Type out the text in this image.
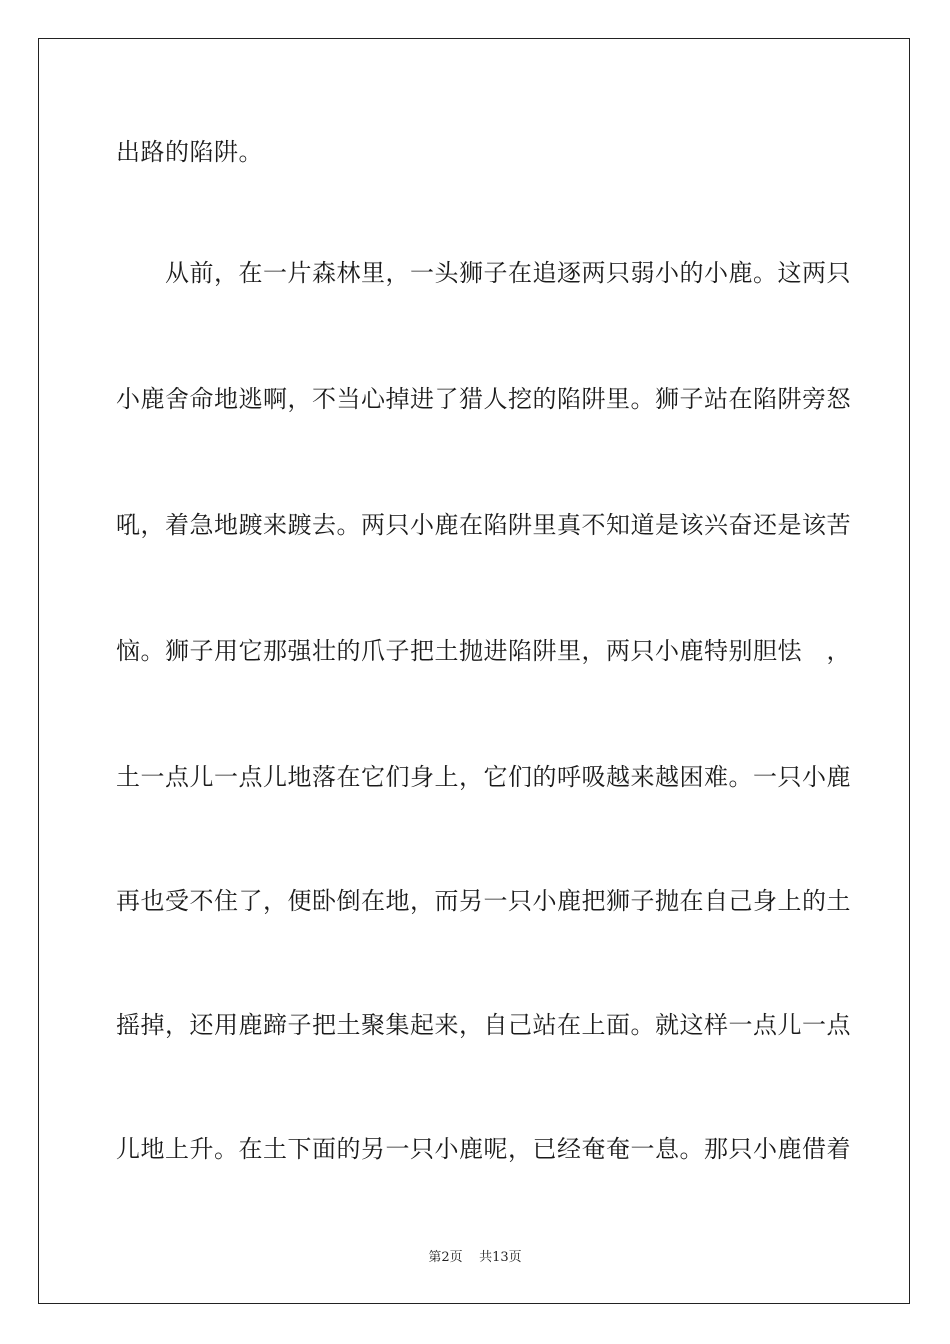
出路的陷阱。
　　从前，在一片森林里，一头狮子在追逐两只弱小的小鹿。这两只
小鹿舍命地逃啊，不当心掉进了猎人挖的陷阱里。狮子站在陷阱旁怒
吼，着急地踱来踱去。两只小鹿在陷阱里真不知道是该兴奋还是该苦
恼。狮子用它那强壮的爪子把土抛进陷阱里，两只小鹿特别胆怯　，
土一点儿一点儿地落在它们身上，它们的呼吸越来越困难。一只小鹿
再也受不住了，便卧倒在地，而另一只小鹿把狮子抛在自己身上的土
摇掉，还用鹿蹄子把土聚集起来，自己站在上面。就这样一点儿一点
儿地上升。在土下面的另一只小鹿呢，已经奄奄一息。那只小鹿借着
第2页 共13页
